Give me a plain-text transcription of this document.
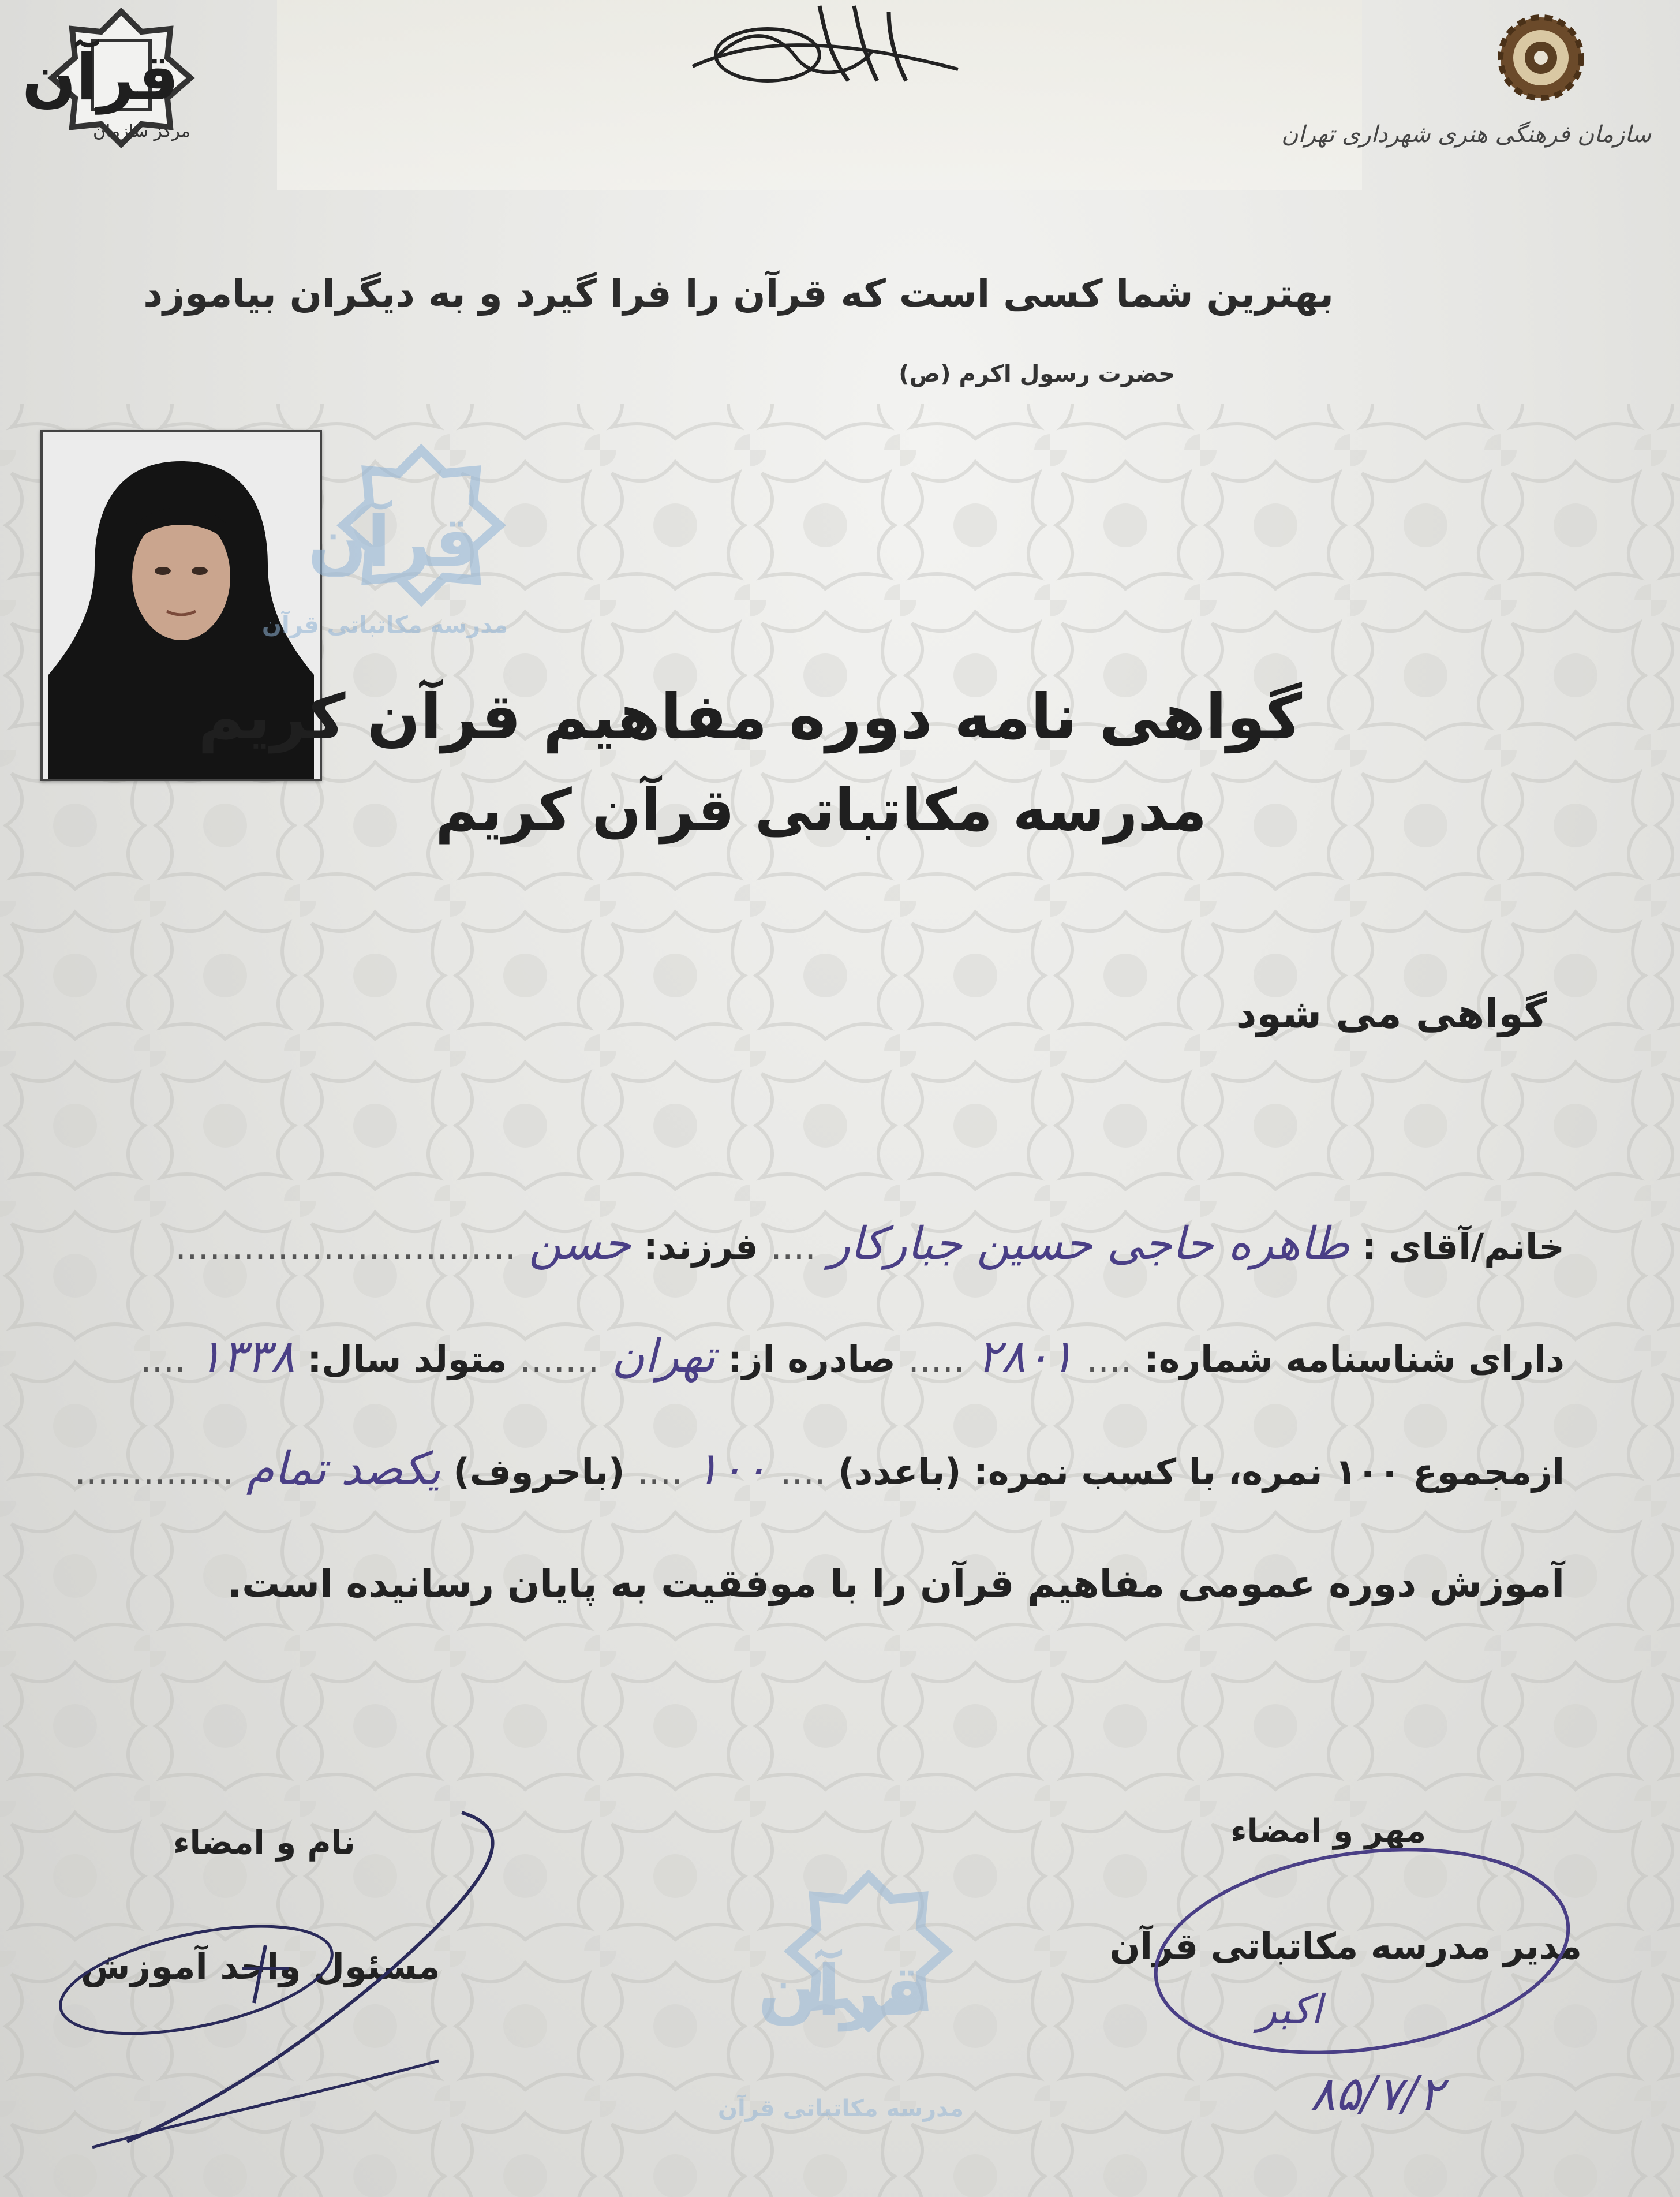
قرآن
مرکز سازمان	سازمان فرهنگی هنری شهرداری تهران
بهترین شما کسی است که قرآن را فرا گیرد و به دیگران بیاموزد
حضرت رسول اکرم (ص)
قرآن
مدرسه مکاتباتی قرآن
گواهی نامه دوره مفاهیم قرآن کریم
مدرسه مکاتباتی قرآن کریم
گواهی می شود
خانم/آقای : طاهره حاجی حسین جبارکار .... فرزند: حسن ..............................
دارای شناسنامه شماره: .... ۲۸۰۱ ..... صادره از: تهران ....... متولد سال: ۱۳۳۸ ....
ازمجموع ۱۰۰ نمره، با کسب نمره: (باعدد) .... ۱۰۰ .... (باحروف) یکصد تمام ..............
آموزش دوره عمومی مفاهیم قرآن را با موفقیت به پایان رسانیده است.
قرآن
مدرسه مکاتباتی قرآن
مهر و امضاء
مدیر مدرسه مکاتباتی قرآن
اکبر
۸۵/۷/۲
نام و امضاء
مسئول واحد آموزش
